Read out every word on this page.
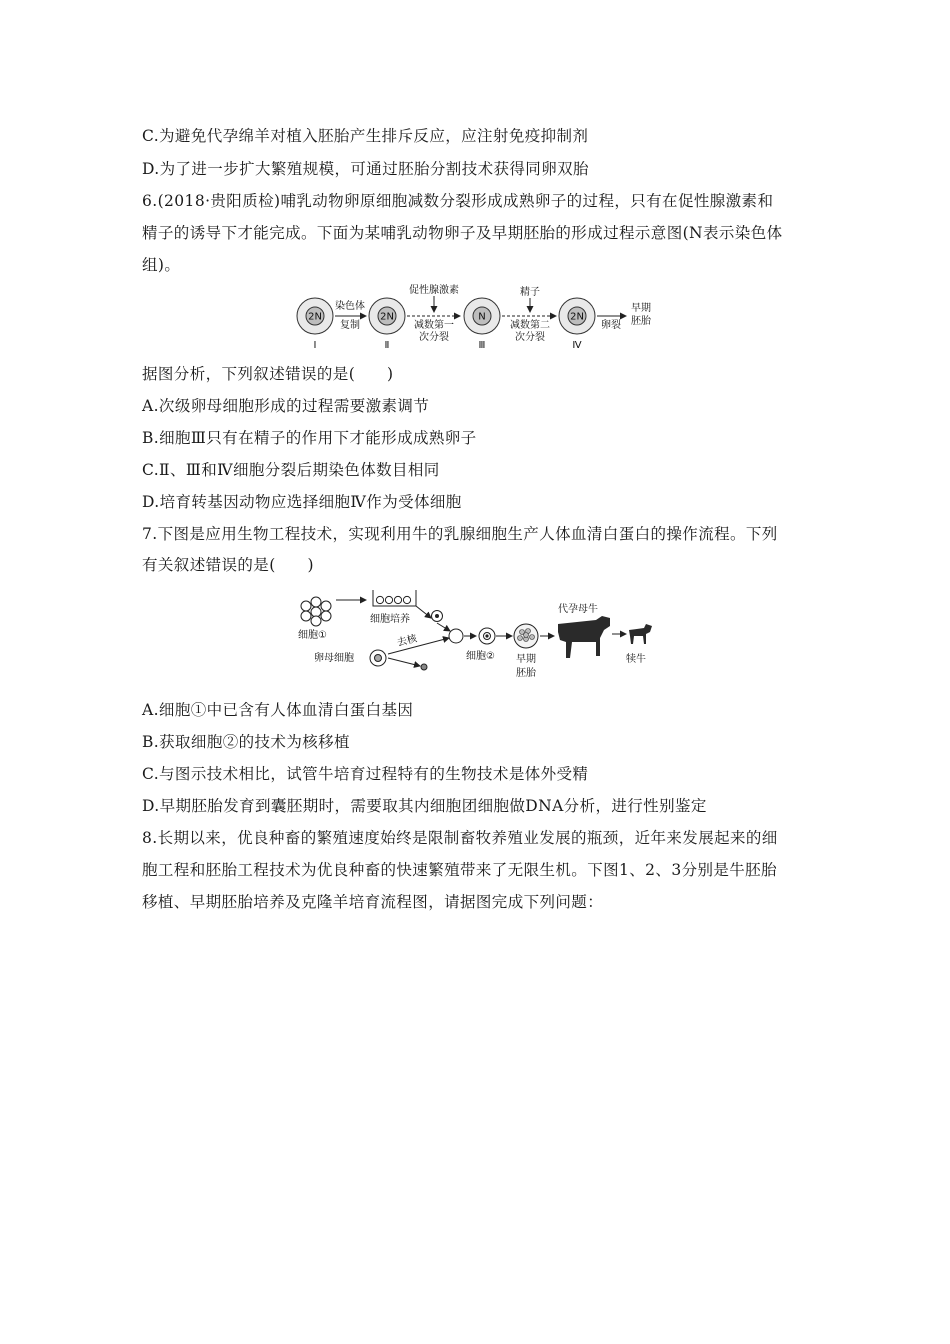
C.为避免代孕绵羊对植入胚胎产生排斥反应，应注射免疫抑制剂
D.为了进一步扩大繁殖规模，可通过胚胎分割技术获得同卵双胎
6.(2018·贵阳质检)哺乳动物卵原细胞减数分裂形成成熟卵子的过程，只有在促性腺激素和
精子的诱导下才能完成。下面为某哺乳动物卵子及早期胚胎的形成过程示意图(N表示染色体
组)。
2N
Ⅰ
染色体
复制
2N
Ⅱ
促性腺激素
减数第一
次分裂
N
Ⅲ
精子
减数第二
次分裂
2N
Ⅳ
卵裂
早期
胚胎
据图分析，下列叙述错误的是(　　)
A.次级卵母细胞形成的过程需要激素调节
B.细胞Ⅲ只有在精子的作用下才能形成成熟卵子
C.Ⅱ、Ⅲ和Ⅳ细胞分裂后期染色体数目相同
D.培育转基因动物应选择细胞Ⅳ作为受体细胞
7.下图是应用生物工程技术，实现利用牛的乳腺细胞生产人体血清白蛋白的操作流程。下列
有关叙述错误的是(　　)
细胞①
细胞培养
卵母细胞
去核
细胞② 早期
胚胎
代孕母牛
犊牛
A.细胞①中已含有人体血清白蛋白基因
B.获取细胞②的技术为核移植
C.与图示技术相比，试管牛培育过程特有的生物技术是体外受精
D.早期胚胎发育到囊胚期时，需要取其内细胞团细胞做DNA分析，进行性别鉴定
8.长期以来，优良种畜的繁殖速度始终是限制畜牧养殖业发展的瓶颈，近年来发展起来的细
胞工程和胚胎工程技术为优良种畜的快速繁殖带来了无限生机。下图1、2、3分别是牛胚胎
移植、早期胚胎培养及克隆羊培育流程图，请据图完成下列问题：
